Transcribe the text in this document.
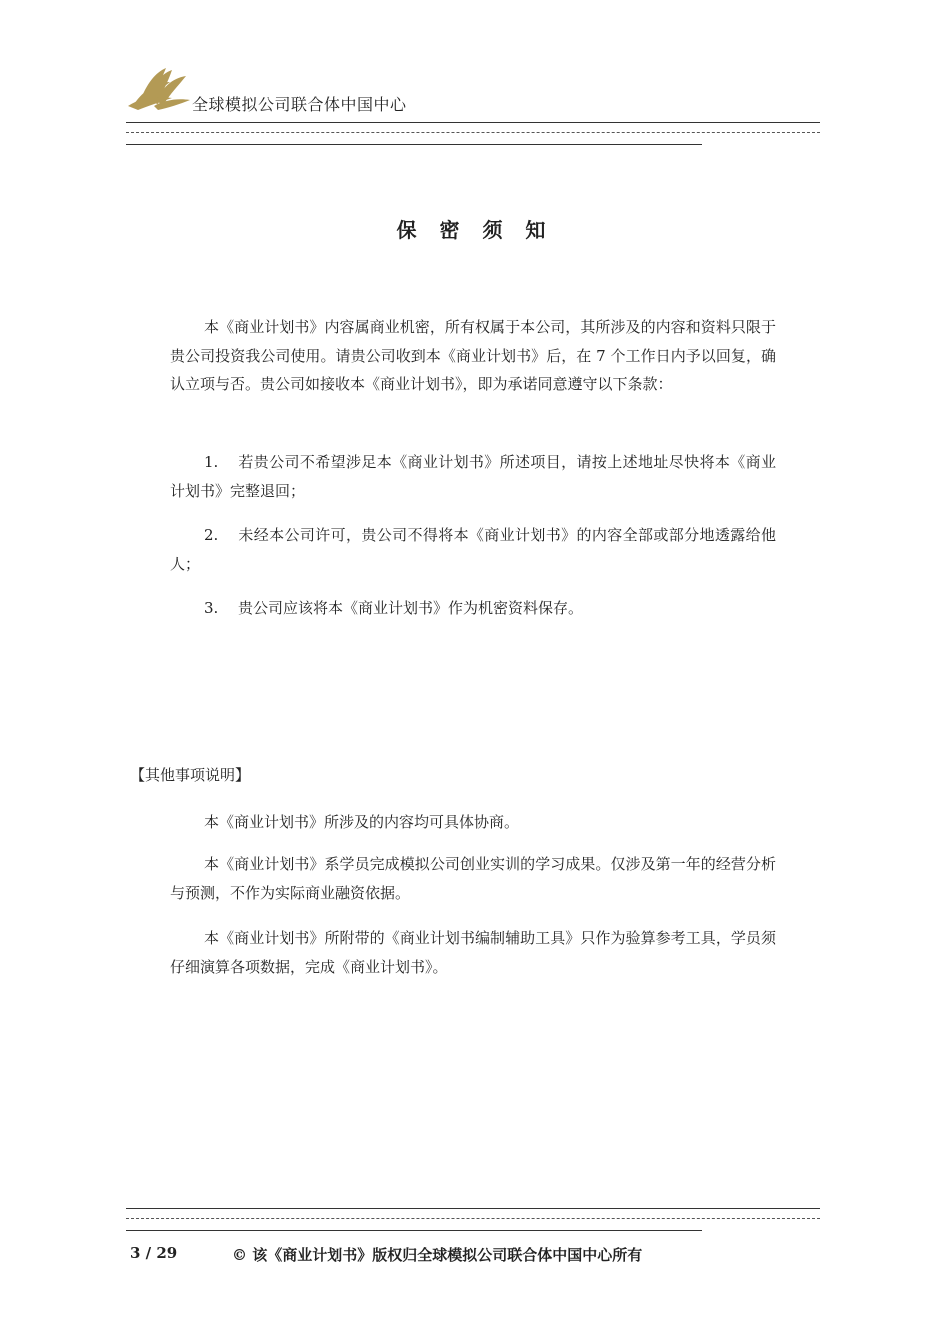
全球模拟公司联合体中国中心
保 密 须 知
本《商业计划书》内容属商业机密，所有权属于本公司，其所涉及的内容和资料只限于贵公司投资我公司使用。请贵公司收到本《商业计划书》后，在 7 个工作日内予以回复，确认立项与否。贵公司如接收本《商业计划书》，即为承诺同意遵守以下条款：
1. 若贵公司不希望涉足本《商业计划书》所述项目，请按上述地址尽快将本《商业计划书》完整退回；
2. 未经本公司许可，贵公司不得将本《商业计划书》的内容全部或部分地透露给他人；
3. 贵公司应该将本《商业计划书》作为机密资料保存。
【其他事项说明】
本《商业计划书》所涉及的内容均可具体协商。
本《商业计划书》系学员完成模拟公司创业实训的学习成果。仅涉及第一年的经营分析与预测，不作为实际商业融资依据。
本《商业计划书》所附带的《商业计划书编制辅助工具》只作为验算参考工具，学员须仔细演算各项数据，完成《商业计划书》。
3 / 29	© 该《商业计划书》版权归全球模拟公司联合体中国中心所有
